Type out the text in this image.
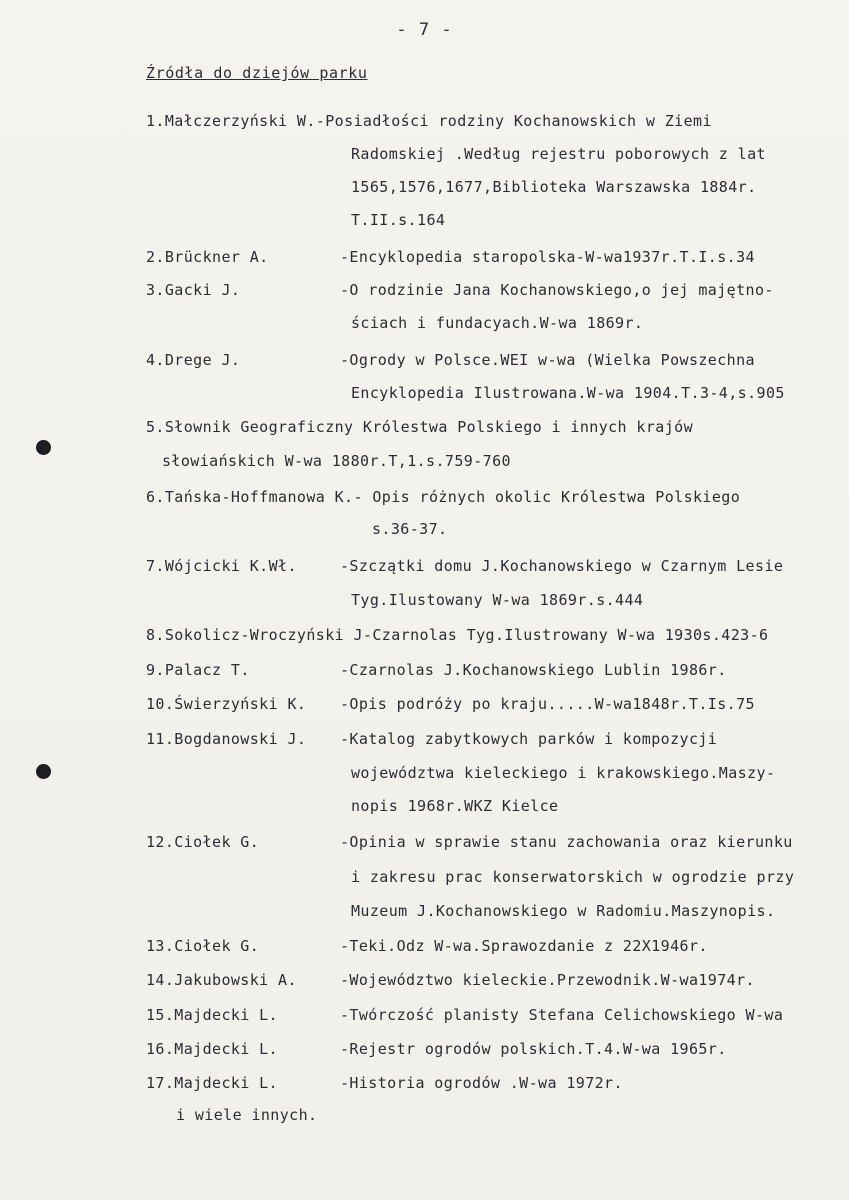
- 7 -
Źródła do dziejów parku
1.Małczerzyński W.-Posiadłości rodziny Kochanowskich w Ziemi
Radomskiej .Według rejestru poborowych z lat
1565,1576,1677,Biblioteka Warszawska 1884r.
T.II.s.164
2.Brückner A.	-Encyklopedia staropolska-W-wa1937r.T.I.s.34
3.Gacki J.	-O rodzinie Jana Kochanowskiego,o jej majętno-
ściach i fundacyach.W-wa 1869r.
4.Drege J.	-Ogrody w Polsce.WEI w-wa (Wielka Powszechna
Encyklopedia Ilustrowana.W-wa 1904.T.3-4,s.905
5.Słownik Geograficzny Królestwa Polskiego i innych krajów
słowiańskich W-wa 1880r.T,1.s.759-760
6.Tańska-Hoffmanowa K.- Opis różnych okolic Królestwa Polskiego
s.36-37.
7.Wójcicki K.Wł.	-Szczątki domu J.Kochanowskiego w Czarnym Lesie
Tyg.Ilustowany W-wa 1869r.s.444
8.Sokolicz-Wroczyński J-Czarnolas Tyg.Ilustrowany W-wa 1930s.423-6
9.Palacz T.	-Czarnolas J.Kochanowskiego Lublin 1986r.
10.Świerzyński K. -Opis podróży po kraju.....W-wa1848r.T.Is.75
11.Bogdanowski J. -Katalog zabytkowych parków i kompozycji
województwa kieleckiego i krakowskiego.Maszy-
nopis 1968r.WKZ Kielce
12.Ciołek G.	-Opinia w sprawie stanu zachowania oraz kierunku
i zakresu prac konserwatorskich w ogrodzie przy
Muzeum J.Kochanowskiego w Radomiu.Maszynopis.
13.Ciołek G.	-Teki.Odz W-wa.Sprawozdanie z 22X1946r.
14.Jakubowski A.	-Województwo kieleckie.Przewodnik.W-wa1974r.
15.Majdecki L.	-Twórczość planisty Stefana Celichowskiego W-wa
16.Majdecki L.	-Rejestr ogrodów polskich.T.4.W-wa 1965r.
17.Majdecki L.	-Historia ogrodów .W-wa 1972r.
i wiele innych.
